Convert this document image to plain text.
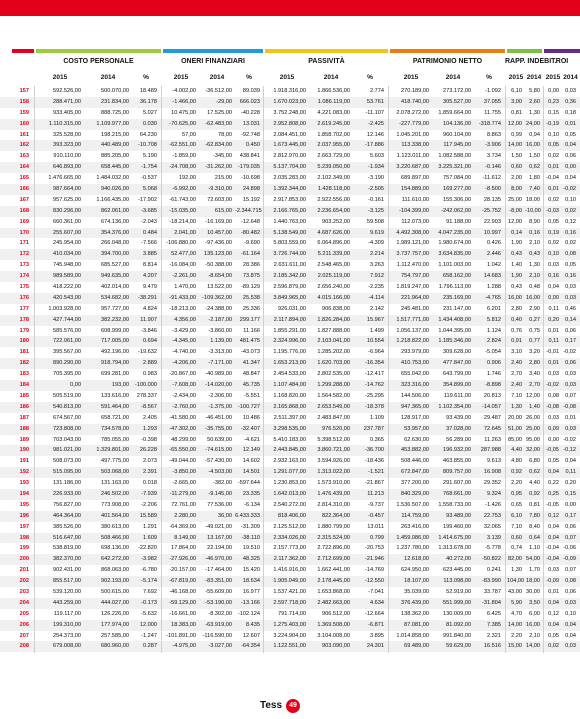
COSTO PERSONALE	ONERI FINANZIARI	PASSIVITÀ	PATRIMONIO NETTO	RAPP. INDEBIT. ROI
2015	2014	%	2015	2014	%	2015	2014	%	2015	2014	%	2015 2014 2015 2014
157	592.526,00	500.070,00	18.489	-4.002,00	-36.512,00	89.039	1.918.316,00	1.866.536,00	2.774	270.189,00	273.172,00	-1.092	6,10	5,80	0,00	0,03
158	288.471,00	231.834,00	36.178	-1.466,00	-29,00	666.023	1.670.023,00	1.086.119,00	53.761	418.740,00	305.527,00	37.055	3,00	2,60	0,23	0,36
159	933.405,00	888.725,00	5.027	10.475,00	17.525,00	-40.228	3.752.248,00	4.221.083,00	-11.107	2.078.272,00	1.859.664,00	11.755	0,81	1,30	0,15	0,18
160	1.110.315,00	1.109.977,00	0.030	-70.625,00	-62.483,00	13.031	2.952.808,00	2.619.245,00	-2.425	-227.779,00	104.136,00	-318.774 12,00 24,00	-0,19	0,01
161	325.528,00	198.215,00	64.230	57,00	78,00	-92.748	2.084.451,00	1.858.702,00	12.146	1.045.201,00	960.104,00	8.863	0,99	0,94	0,10	0,05
162	393.323,00	440.489,00	-10.708	-62.551,00	-62.834,00	0.450	1.673.445,00	2.037.955,00	-17.886	113.338,00	117.945,00	-3.906 14,00 16,00	0,05	0,04
163	910.110,00	885.205,00	5.190	-1.859,00	-345,00	438.841	2.812.970,00	2.663.729,00	5.603	1.123.011,00	1.082.588,00	3.734	1,50	1,50	0,02	0,06
164	646.893,00	658.445,00	-1.754	-24.708,00	-31.262,00	-179.035	5.137.704,00	5.239.050,00	-1.934	3.220.687,00	3.225.321,00	-0.146	0,60	0,62	0,01	0,00
165	1.476.665,00	1.484.032,00	-0.537	192,00	215,00	-10.698	2.035.283,00	2.102.349,00	-3.190	689.897,00	757.084,00	-11.612	2,00	1,80	-0,04	0,04
166	987.664,00	940.026,00	5.068	-6.992,00	-9.310,00	24.898	1.392.344,00	1.428.118,00	-2.505	154.889,00	169.277,00	-8.500	8,00	7,40	0,01 -0,02
167	957.625,00	1.166.435,00	-17.902	-61.743,00	72.603,00	15.192	2.917.853,00	2.922.556,00	-0.161	111.610,00	155.306,00	28.135 25,00 18,00	0,02	0,10
168	830.296,00	862.061,00	-3.685	-15.035,00	615,00 -2.344.715	2.166.765,00	2.236.654,00	-3.125	-104.399,00	-242.062,00	-25.752	-8,00 -10,00 -0,03	0,02
169	660.361,00	674.136,00	-2.043	-18.214,00	-16.169,00	-12.648	1.440.763,00	903.252,00	59.508	112.073,00	91.188,00	22.903 12,00	8,90	0,05	0,12
170	255.607,00	354.376,00	0.484	2.041,00	10.457,00	-80.482	5.138.549,00	4.687.626,00	9.619	4.492.308,00	4.047.235,00	10.997	0,14	0,16	0,19	0,16
171	245.954,00	266.048,00	-7.566	-106.880,00	-97.436,00	-9.690	5.803.559,00	6.064.896,00	-4.309	1.989.121,00	1.980.674,00	0.426	1,90	2,10	0,02	0,02
172	410.034,00	394.700,00	3.885	52.477,00	135.123,00	-61.164	3.726.744,00	5.211.339,00	2.214	3.737.757,00	3.634.835,00	2.446	0,43	0,43	0,10	0,08
173	745.948,00	685.527,00	8.814	-16.084,00	-50.388,00	28.386	2.631.611,00	2.548.465,00	3.263	1.112.470,00	1.101.003,00	1.042	1,40	1,30	0,03	0,05
174	989.589,00	949.635,00	4.207	-2.261,00	-8.654,00	73.875	2.185.342,00	2.025.119,00	7.912	754.797,00	658.162,00	14.683	1,90	2,10	0,16	0,16
175	418.222,00	402.014,00	9.479	1.470,00	13.522,00	-89.129	2.596.879,00	2.656.240,00	-2.235	1.819.247,00	1.796.113,00	1.288	0,43	0,48	0,04	0,03
176	420.543,00	534.682,00	-38.291	-91.433,00	-109.362,00	25.538	3.849.965,00	4.015.166,00	-4.114	221.964,00	235.169,00	-4.765 16,00 16,00	0,00	0,03
177	1.003.928,00	957.727,00	4.824	-18.213,00	-24.388,00	25.336	926.031,00	906.838,00	2.142	245.481,00	231.147,00	6.201	2,80	2,90	0,11	0,46
178	427.744,00	382.232,00	11.907	4.356,00	-2.187,00	299.177	2.117.894,00	1.826.284,00	15.967	1.517.771,00	1.434.408,00	5.812	0,40	0,27	0,20	0,14
179	585.576,00	608.999,00	-3.846	-3.429,00	-3.860,00	11.166	1.855.291,00	1.827.888,00	1.499	1.056.137,00	1.044.395,00	1.124	0,76	0,75	0,01	0,06
180	722.061,00	717.005,00	0.694	-4.345,00	1.139,00	481.475	2.324.996,00	2.103.041,00	10.554	1.218.822,00	1.185.346,00	2.824	0,91	0,77	0,11	0,17
181	395.567,00	492.196,00	-19.632	-4.740,00	-3.313,00	-43.073	1.195.776,00	1.285.202,00	-6.964	293.979,00	309.628,00	-5.054	3,10	3,20	-0,01 -0,02
182	890.290,00	918.794,00	2.889	-4.206,00	-7.171,00	41.347	1.653.213,00	1.620.703,00	-16.354	410.753,00	477.847,00	0.906	2,40	2,80	0,01	0,06
183	705.395,00	699.281,00	0.983	-20.867,00	-40.989,00	48.847	2.454.533,00	2.802.535,00	-12.417	655.042,00	643.799,00	1.746	2,70	3,40	0,03	0,03
184	0,00	193,00	-100.000	-7.608,00	-14.020,00	45.735	1.107.484,00	1.299.288,00	-14.762	323.316,00	354.899,00	-8.898	2,40	2,70	-0,02	0,03
185	505.519,00	133.616,00	278.337	-2.434,00	-2.306,00	-5.551	1.168.820,00	1.564.582,00	-25.295	144.506,00	119.611,00	20.813	7,10 12,00	0,08	0,07
186	540.813,00	591.464,00	-8.567	-2.760,00	-1.375,00	-100.727	2.165.868,00	2.653.549,00	-18.378	947.365,00	1.102.354,00	-14.057	1,30	1,40	-0,08 -0,08
187	674.567,00	658.721,00	2.405	-41.580,00	-46.451,00	10.486	2.511.397,00	2.483.847,00	1.109	128.917,00	93.439,00	29.487 20,00 26,00	0,03	0,01
188	723.808,00	734.578,00	1.293	-47.302,00	-35.755,00	-32.407	3.298.535,00	976.520,00	237.787	53.957,00	37.028,00	72.645 51,00 25,00	0,09	0,03
189	703.043,00	785.055,00	-0.398	48.299,00	50.639,00	-4.621	5.410.183,00	5.398.512,00	0.365	62.630,00	56.289,00	11.263 85,00 95,00	0,00 -0,02
190	981.021,00	1.329.801,00	26.228	-65.550,00	-74.615,00	12.149	2.443.845,00	3.860.721,00	-36.700	453.882,00	196.932,00	287.988	4,40 32,00	-0,05 -0,12
191	508.073,00	497.775,00	2.073	-49.044,00	-57.430,00	14.602	2.932.163,00	3.594.926,00	-18.436	508.446,00	463.855,00	9.613	4,80	6,80	0,05	0,04
192	515.095,00	503.068,00	2.391	-3.850,00	-4.503,00	14.501	1.291.077,00	1.313.022,00	-1.521	672.847,00	809.757,00	16.908	0,92	0,62	0,04	0,11
193	131.186,00	131.163,00	0.018	-2.665,00	-382,00	-597.644	1.230.853,00	1.573.910,00	-21.867	377.200,00	291.607,00	29.352	2,20	4,40	0,22	0,20
194	226.933,00	246.502,00	-7.939	-11.279,00	-9.145,00	23.335	1.642.013,00	1.476.439,00	11.213	840.329,00	768.661,00	9.324	0,95	0,92	0,25	0,15
195	756.827,00	773.908,00	-2.206	72.761,00	77.536,00	-6.134	2.540.272,00	2.814.310,00	-9.737	1.536.507,00	1.558.733,00	-1.426	0,65	0,81	-0,05	0,00
196	464.364,00	401.564,00	15.589	2.280,00	36,00 6.433.333	818.406,00	822.364,00	-0.457	114.759,00	93.489,00	22.753	6,10	7,80	0,12	0,17
197	385.526,00	380.613,00	1.291	-64.369,00	-49.021,00	-31.309	2.125.512,00	1.880.799,00	13.011	263.416,00	199.460,00	32.065	7,10	8,40	0,04	0,06
198	516.647,00	508.466,00	1.609	8.149,00	13.167,00	-38.110	2.334.026,00	2.315.524,00	0.799	1.459.086,00	1.414.675,00	3.139	0,60	0,64	0,04	0,07
199	538.819,00	698.136,00	-22.820	17.864,00	22.194,00	19.510	2.157.773,00	2.722.896,00	-20.753	1.237.780,00	1.313.678,00	-5.778	0,74	1,10	-0,04 -0,06
200	382.370,00	642.272,00	-3.982	-27.926,00	-46.970,00	48.325	2.117.362,00	2.712.699,00	-21.946	12.618,00	40.272,00	-50.822 82,00 54,00	-0,04 -0,09
201	902.431,00	868.063,00	-6.780	-20.157,00	-17.464,00	15.420	1.416.916,00	1.662.441,00	-14.769	624.950,00	623.445,00	0.241	1,30	1,70	0,03	0,07
202	855.517,00	902.193,00	-5.174	-67.819,00	-83.351,00	18.634	1.905.049,00	2.178.445,00	-12.550	18.107,00	113.098,00	-83.990 104,00 18,00	-0,09	0,08
203	539.120,00	500.615,00	7.692	-46.168,00	-55.609,00	16.977	1.537.421,00	1.653.868,00	-7.041	35.039,00	52.919,00	33.787 43,00 30,00	0,01	0,06
204	443.259,00	444.027,00	-0.173	-59.129,00	-53.190,00	-13.166	2.597.718,00	2.482.663,00	4.634	376.439,00	551.999,00	-31.804	5,90	3,50	0,04	0,03
205	119.117,00	126.226,00	-5.632	-16.661,00	-8.302,00	-102.124	791.714,00	906.512,00	-12.664	138.362,00	130.009,00	6.425	4,70	6,00	0,12	0,10
206	199.310,00	177.974,00	12.000	18.383,00	-63.919,00	8.435	1.275.403,00	1.369.508,00	-6.871	87.081,00	81.092,00	7.385 14,00 16,00	0,04	0,04
207	254.373,00	257.585,00	-1.247	-101.891,00	-116.590,00	12.607	3.224.904,00	3.104.008,00	3.895	1.014.858,00	991.840,00	2.321	2,20	2,10	0,05	0,04
208	679.008,00	680.960,00	0.287	-4.975,00	-3.027,00	-64.354	1.122.551,00	903.090,00	24.301	69.489,00	59.629,00	16.516 15,00 14,00	0,02	0,03
Tess	49
